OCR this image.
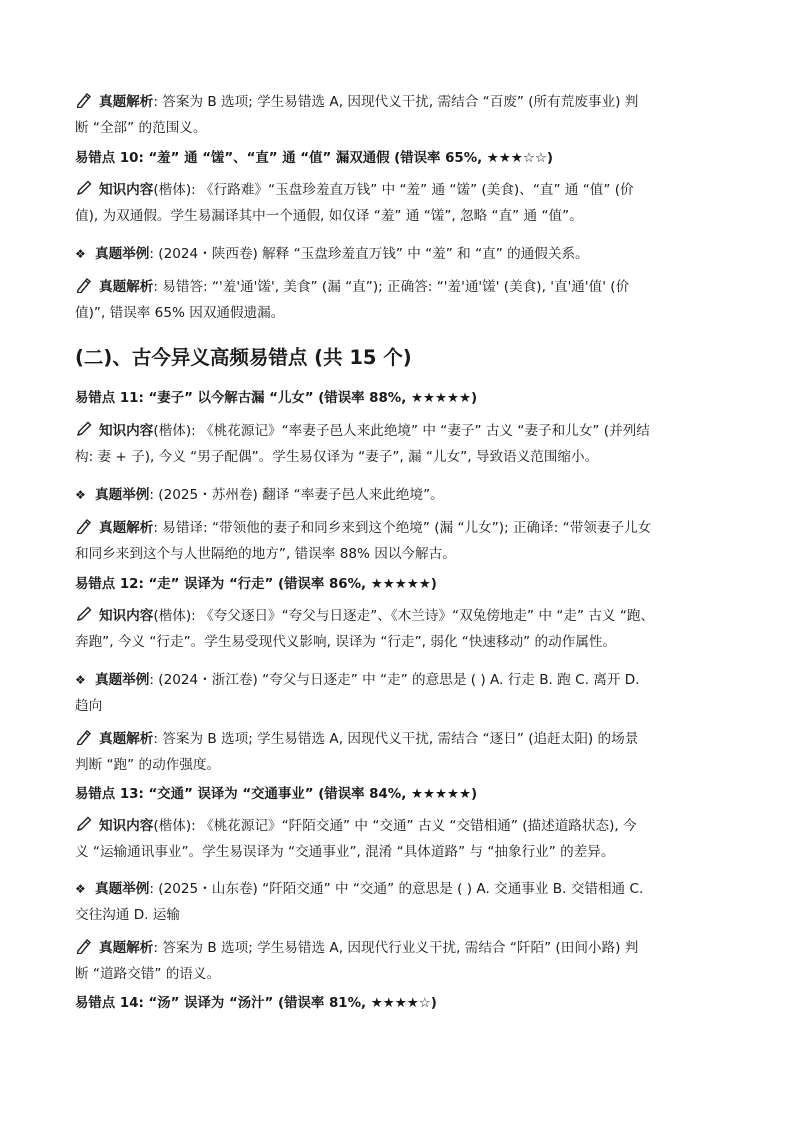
真题解析: 答案为 B 选项; 学生易错选 A, 因现代义干扰, 需结合 “百废” (所有荒废事业) 判
断 “全部” 的范围义。
易错点 10: “羞” 通 “馐”、“直” 通 “值” 漏双通假 (错误率 65%, ★★★☆☆)
知识内容(楷体): 《行路难》“玉盘珍羞直万钱” 中 “羞” 通 “馐” (美食)、“直” 通 “值” (价
值), 为双通假。学生易漏译其中一个通假, 如仅译 “羞” 通 “馐”, 忽略 “直” 通 “值”。
❖ 真题举例: (2024・陕西卷) 解释 “玉盘珍羞直万钱” 中 “羞” 和 “直” 的通假关系。
真题解析: 易错答: “'羞'通'馐', 美食” (漏 “直”); 正确答: “'羞'通'馐' (美食), '直'通'值' (价
值)”, 错误率 65% 因双通假遗漏。
(二)、古今异义高频易错点 (共 15 个)
易错点 11: “妻子” 以今解古漏 “儿女” (错误率 88%, ★★★★★)
知识内容(楷体): 《桃花源记》“率妻子邑人来此绝境” 中 “妻子” 古义 “妻子和儿女” (并列结
构: 妻 + 子), 今义 “男子配偶”。学生易仅译为 “妻子”, 漏 “儿女”, 导致语义范围缩小。
❖ 真题举例: (2025・苏州卷) 翻译 “率妻子邑人来此绝境”。
真题解析: 易错译: “带领他的妻子和同乡来到这个绝境” (漏 “儿女”); 正确译: “带领妻子儿女
和同乡来到这个与人世隔绝的地方”, 错误率 88% 因以今解古。
易错点 12: “走” 误译为 “行走” (错误率 86%, ★★★★★)
知识内容(楷体): 《夸父逐日》“夸父与日逐走”、《木兰诗》“双兔傍地走” 中 “走” 古义 “跑、
奔跑”, 今义 “行走”。学生易受现代义影响, 误译为 “行走”, 弱化 “快速移动” 的动作属性。
❖ 真题举例: (2024・浙江卷) “夸父与日逐走” 中 “走” 的意思是 ( ) A. 行走 B. 跑 C. 离开 D.
趋向
真题解析: 答案为 B 选项; 学生易错选 A, 因现代义干扰, 需结合 “逐日” (追赶太阳) 的场景
判断 “跑” 的动作强度。
易错点 13: “交通” 误译为 “交通事业” (错误率 84%, ★★★★★)
知识内容(楷体): 《桃花源记》“阡陌交通” 中 “交通” 古义 “交错相通” (描述道路状态), 今
义 “运输通讯事业”。学生易误译为 “交通事业”, 混淆 “具体道路” 与 “抽象行业” 的差异。
❖ 真题举例: (2025・山东卷) “阡陌交通” 中 “交通” 的意思是 ( ) A. 交通事业 B. 交错相通 C.
交往沟通 D. 运输
真题解析: 答案为 B 选项; 学生易错选 A, 因现代行业义干扰, 需结合 “阡陌” (田间小路) 判
断 “道路交错” 的语义。
易错点 14: “汤” 误译为 “汤汁” (错误率 81%, ★★★★☆)
